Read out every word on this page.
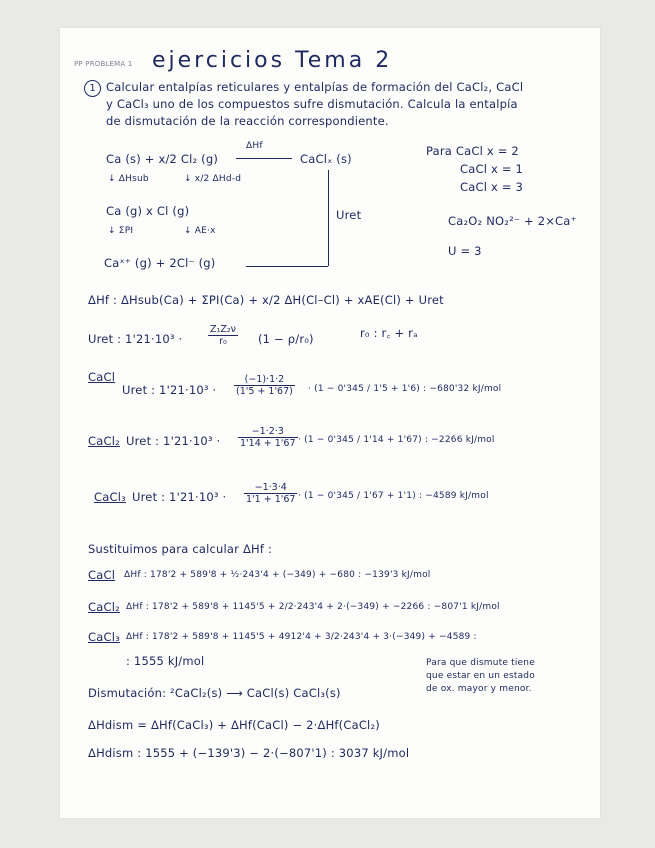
PP PROBLEMA 1 ejercicios Tema 2
1 Calcular entalpías reticulares y entalpías de formación del CaCl₂, CaCl
y CaCl₃ uno de los compuestos sufre dismutación. Calcula la entalpía
de dismutación de la reacción correspondiente.
Ca (s) + x/2 Cl₂ (g)
ΔHf
CaClₓ (s)
↓ ΔHsub	↓ x/2 ΔHd-d
Ca (g) x Cl (g)
↓ ΣPI	↓ AE·x
Caˣ⁺ (g) + 2Cl⁻ (g)
Uret
Para CaCl x = 2
CaCl x = 1
CaCl x = 3
Ca₂O₂ NO₂²⁻ + 2×Ca⁺
U = 3
ΔHf : ΔHsub(Ca) + ΣPI(Ca) + x/2 ΔH(Cl–Cl) + xAE(Cl) + Uret
Uret : 1'21·10³ ·	$\frac{\text{Z₁Z₂ν}}{\text{r₀}} (1 - \rho/r_0)$	r₀ : r꜀ + rₐ
CaCl
Uret : $1'21\cdot 10^3 \cdot \frac{(-1)\cdot 1\cdot 2}{(1'5 + 1'67)} \cdot (1 - 0'345 / 1'5 + 1'6)$ : −680'32 kJ/mol
CaCl₂ Uret : $1'21\cdot 10^3 \cdot \frac{-1\cdot 2\cdot 3}{1'14 + 1'67} \cdot (1 - 0'345 / 1'14 + 1'67)$ : −2266 kJ/mol
CaCl₃ Uret : $1'21\cdot 10^3 \cdot \frac{-1\cdot 3\cdot 4}{1'1 + 1'67} \cdot (1 - 0'345 / 1'67 + 1'1)$ : −4589 kJ/mol
Sustituimos para calcular ΔHf :
CaCl ΔHf : 178'2 + 589'8 + ½·243'4 + (−349) + −680 : −139'3 kJ/mol
CaCl₂ ΔHf : 178'2 + 589'8 + 1145'5 + 2/2·243'4 + 2·(−349) + −2266 : −807'1 kJ/mol
CaCl₃ ΔHf : 178'2 + 589'8 + 1145'5 + 4912'4 + 3/2·243'4 + 3·(−349) + −4589 :
: 1555 kJ/mol
Dismutación: ²CaCl₂(s) ⟶ CaCl(s) CaCl₃(s)
Para que dismute tiene
que estar en un estado
de ox. mayor y menor.
ΔHdism = ΔHf(CaCl₃) + ΔHf(CaCl) − 2·ΔHf(CaCl₂)
ΔHdism : 1555 + (−139'3) − 2·(−807'1) : 3037 kJ/mol
